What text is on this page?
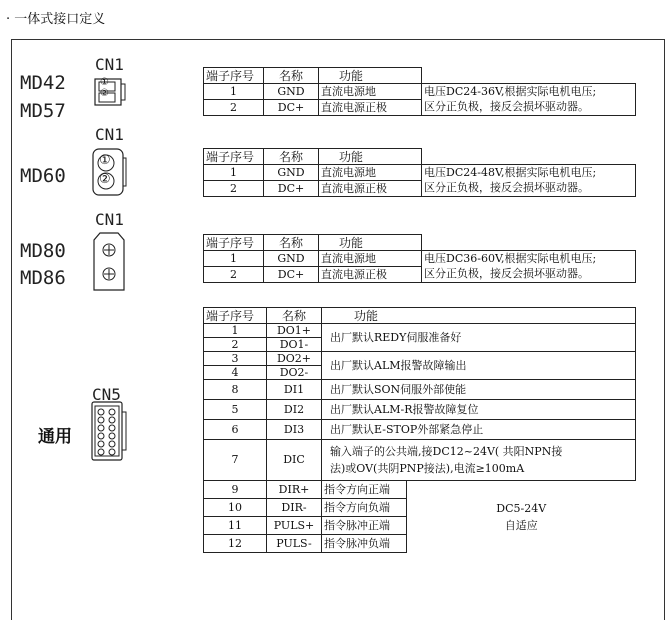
· 一体式接口定义
MD42
MD57
CN1
①
②
CN1
MD60
①
②
CN1
MD80
MD86
CN5
通用
端子序号	名称	功能	
1	GND	直流电源地	电压DC24-36V,根据实际电机电压;
2	DC+	直流电源正极	区分正负极，接反会损坏驱动器。
端子序号	名称	功能	
1	GND	直流电源地	电压DC24-48V,根据实际电机电压;
2	DC+	直流电源正极	区分正负极，接反会损坏驱动器。
端子序号	名称	功能	
1	GND	直流电源地	电压DC36-60V,根据实际电机电压;
2	DC+	直流电源正极	区分正负极，接反会损坏驱动器。
端子序号	名称	功能	
1	DO1+	出厂默认REDY伺服准备好	
2	DO1-		
3	DO2+	出厂默认ALM报警故障输出	
4	DO2-		
8	DI1	出厂默认SON伺服外部使能	
5	DI2	出厂默认ALM-R报警故障复位	
6	DI3	出厂默认E-STOP外部紧急停止	
7	DIC	输入端子的公共端,接DC12~24V( 共阳NPN接
法)或OV(共阴PNP接法),电流≥100mA	

9	DIR+	指令方向正端	DC5-24V
自适应

10	DIR-	指令方向负端	
11	PULS+	指令脉冲正端	
12	PULS-	指令脉冲负端	
